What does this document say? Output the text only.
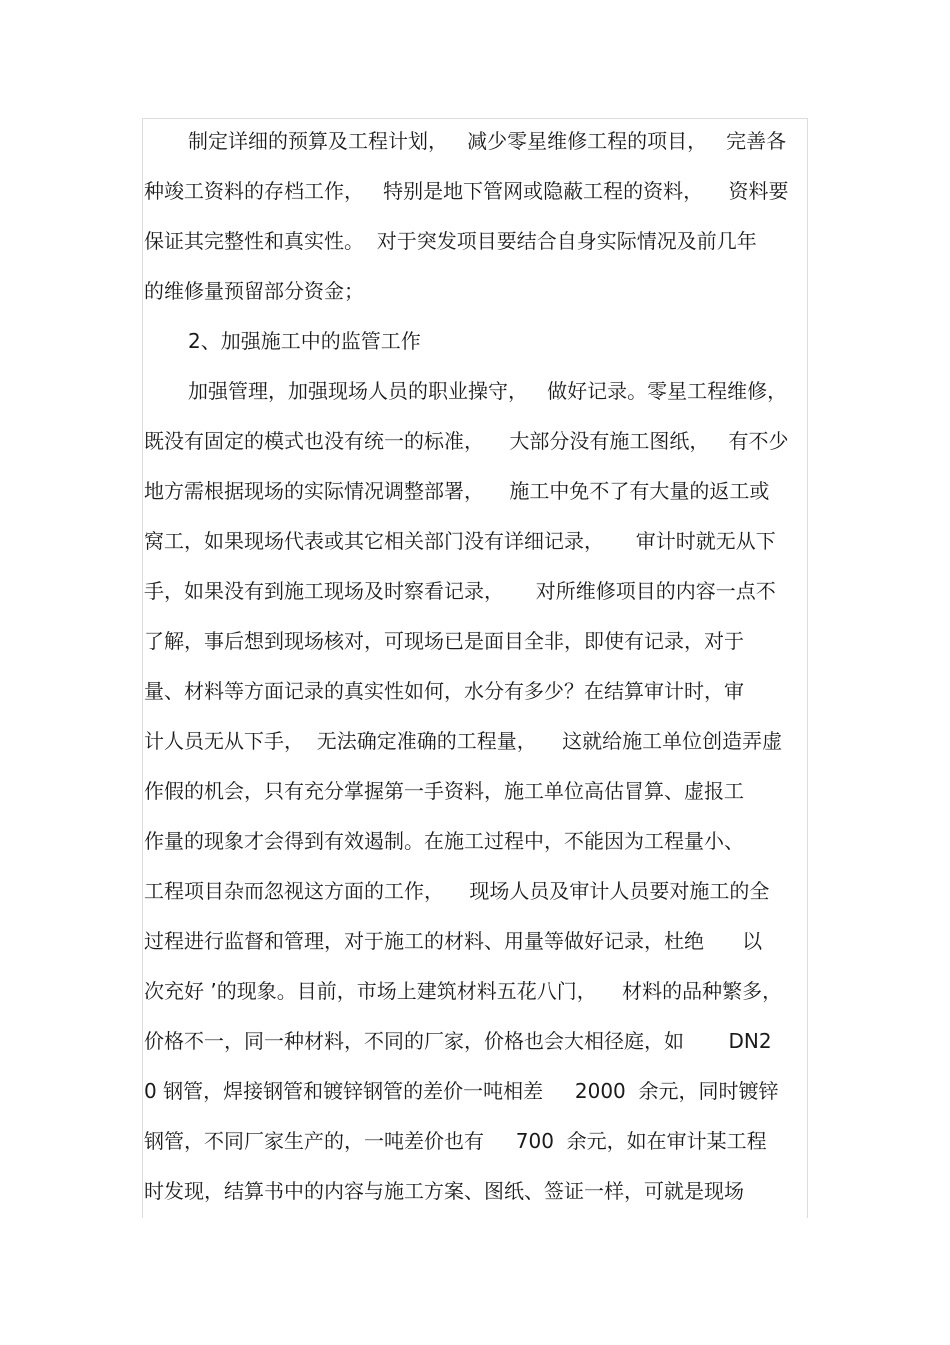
制定详细的预算及工程计划，   减少零星维修工程的项目，   完善各
种竣工资料的存档工作，   特别是地下管网或隐蔽工程的资料，    资料要
保证其完整性和真实性。  对于突发项目要结合自身实际情况及前几年
的维修量预留部分资金；
2、加强施工中的监管工作
加强管理，加强现场人员的职业操守，   做好记录。零星工程维修，
既没有固定的模式也没有统一的标准，    大部分没有施工图纸，   有不少
地方需根据现场的实际情况调整部署，    施工中免不了有大量的返工或
窝工，如果现场代表或其它相关部门没有详细记录，     审计时就无从下
手，如果没有到施工现场及时察看记录，     对所维修项目的内容一点不
了解，事后想到现场核对，可现场已是面目全非，即使有记录，对于
量、材料等方面记录的真实性如何，水分有多少？在结算审计时，审
计人员无从下手，  无法确定准确的工程量，    这就给施工单位创造弄虚
作假的机会，只有充分掌握第一手资料，施工单位高估冒算、虚报工
作量的现象才会得到有效遏制。在施工过程中，不能因为工程量小、
工程项目杂而忽视这方面的工作，    现场人员及审计人员要对施工的全
过程进行监督和管理，对于施工的材料、用量等做好记录，杜绝      以
次充好 ’的现象。目前，市场上建筑材料五花八门，    材料的品种繁多，
价格不一，同一种材料，不同的厂家，价格也会大相径庭，如       DN2
0 钢管，焊接钢管和镀锌钢管的差价一吨相差     2000  余元，同时镀锌
钢管，不同厂家生产的，一吨差价也有     700  余元，如在审计某工程
时发现，结算书中的内容与施工方案、图纸、签证一样，可就是现场
